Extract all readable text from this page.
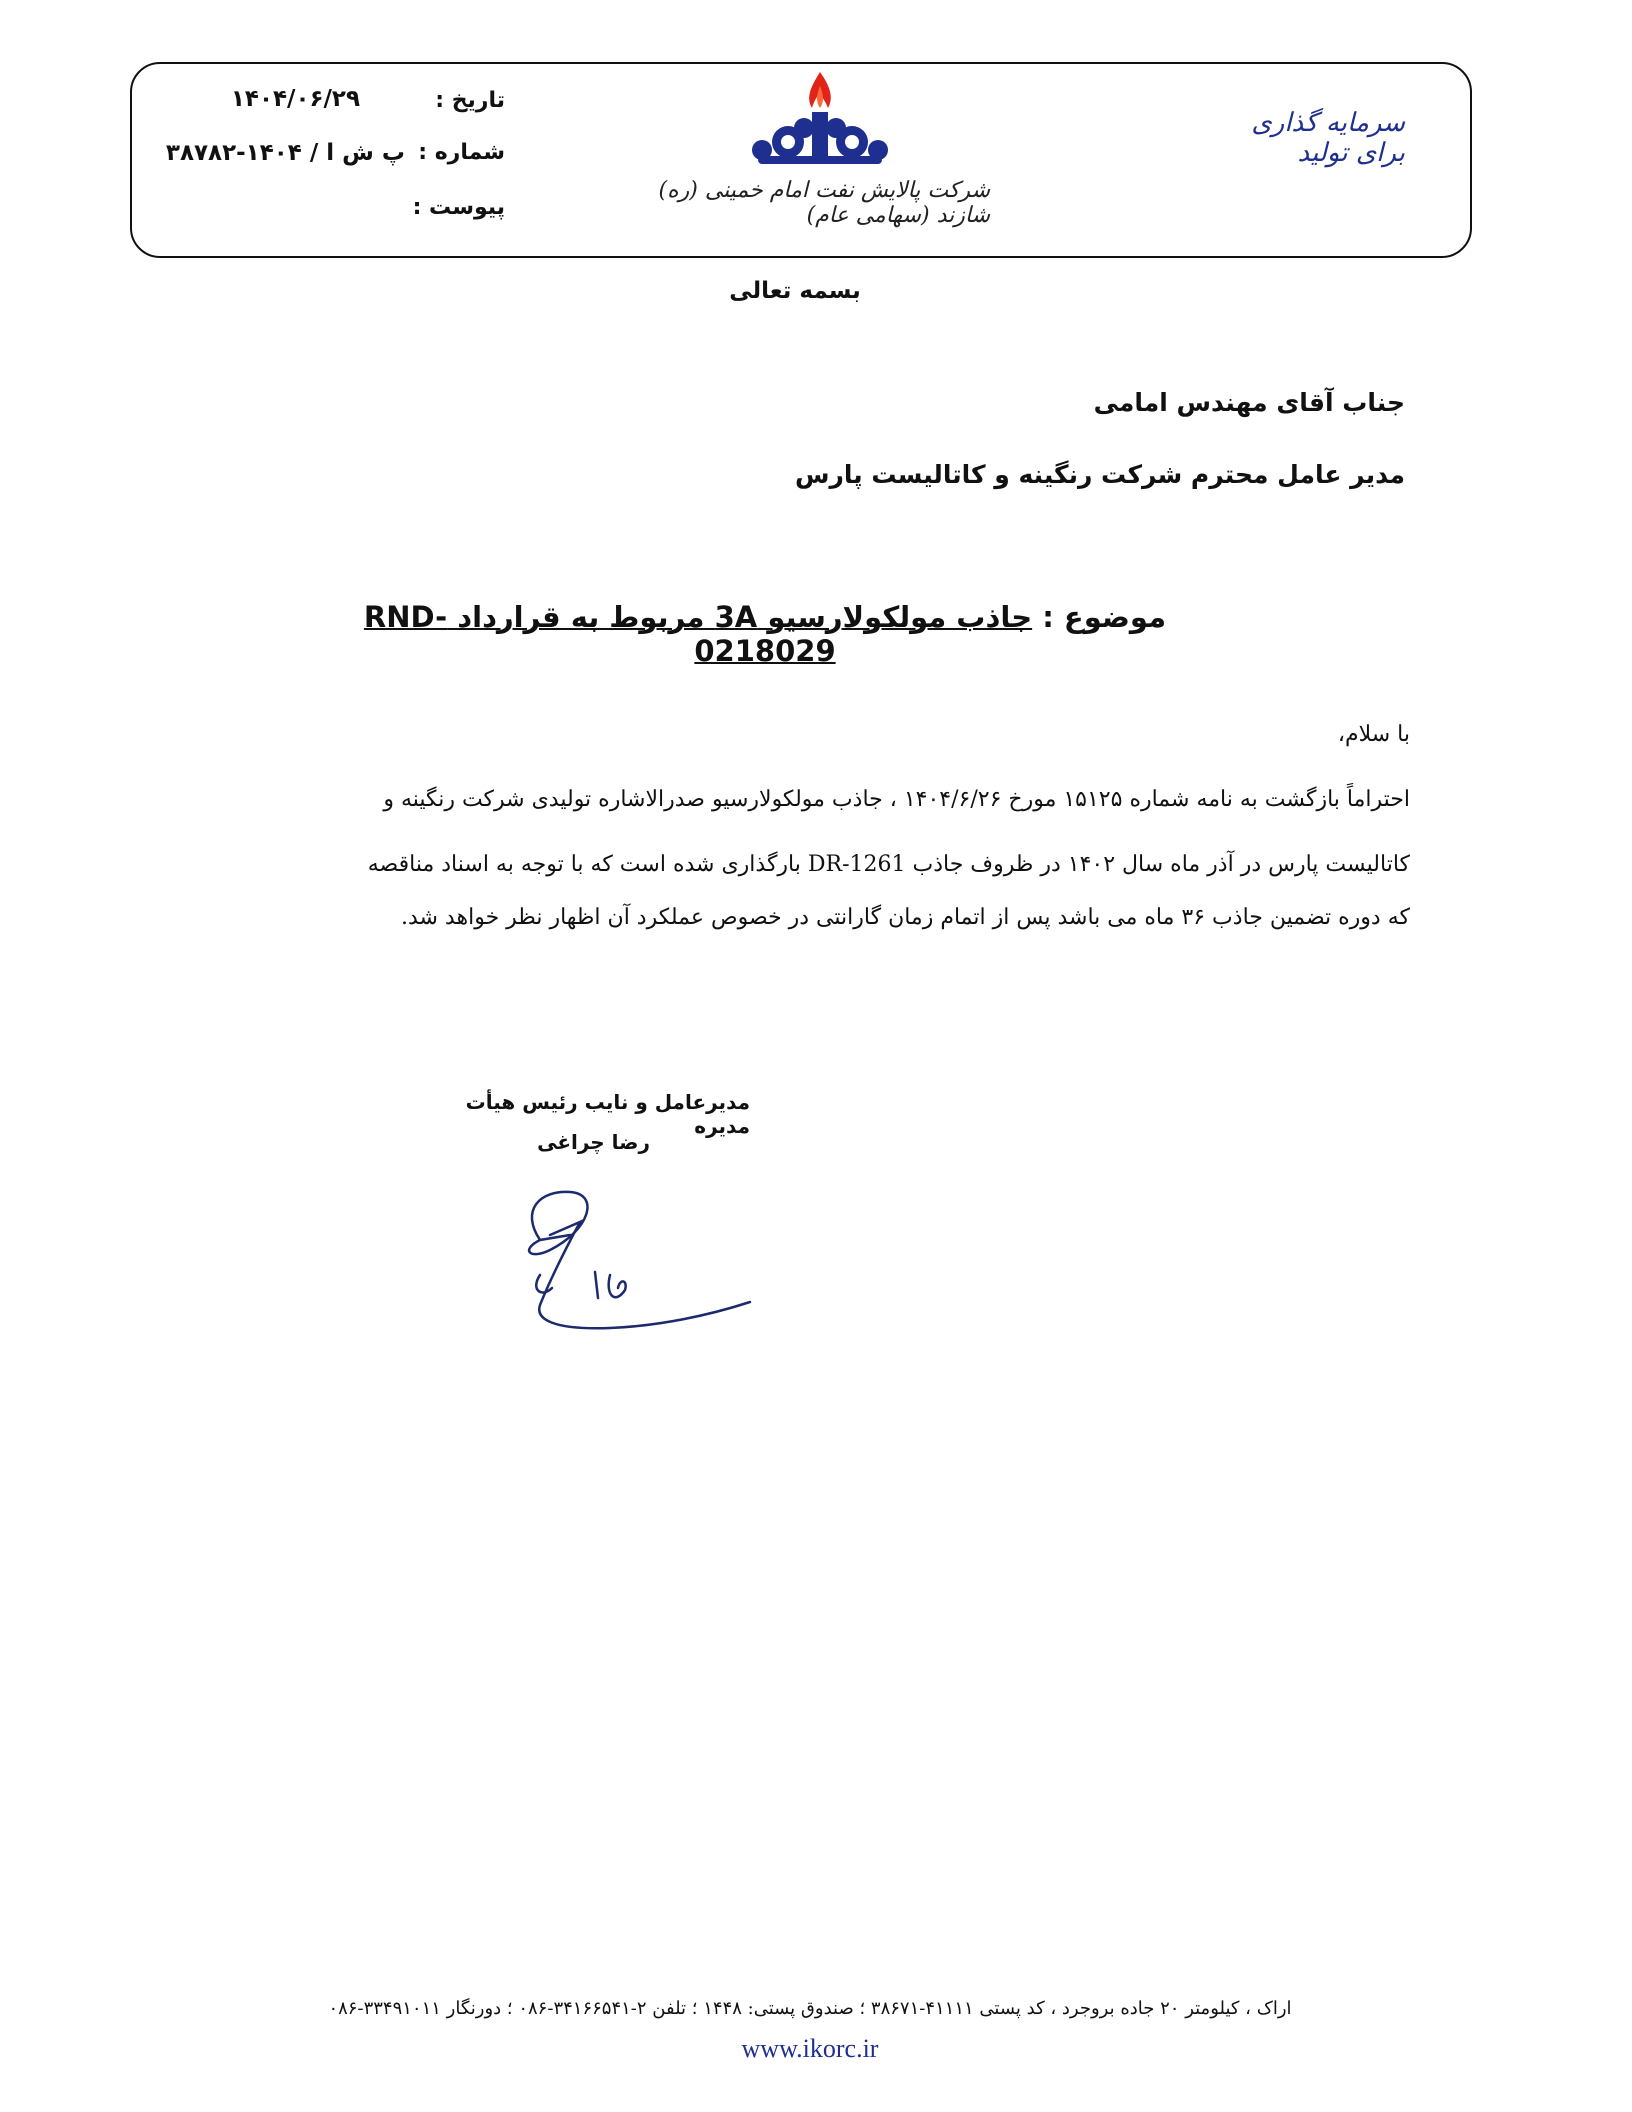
سرمایه گذاری برای تولید
شرکت پالایش نفت امام خمینی (ره) شازند (سهامی عام)
تاریخ :
۱۴۰۴/۰۶/۲۹
شماره :
پ ش ا / ۱۴۰۴-۳۸۷۸۲
پیوست :
بسمه تعالی
جناب آقای مهندس امامی
مدیر عامل محترم شرکت رنگینه و کاتالیست پارس
موضوع : جاذب مولکولارسیو 3A مربوط به قرارداد RND-0218029
با سلام،
احتراماً بازگشت به نامه شماره ۱۵۱۲۵ مورخ ۱۴۰۴/۶/۲۶ ، جاذب مولکولارسیو صدرالاشاره تولیدی شرکت رنگینه و
کاتالیست پارس در آذر ماه سال ۱۴۰۲ در ظروف جاذب DR-1261 بارگذاری شده است که با توجه به اسناد مناقصه
که دوره تضمین جاذب ۳۶ ماه می باشد پس از اتمام زمان گارانتی در خصوص عملکرد آن اظهار نظر خواهد شد.
مدیرعامل و نایب رئیس هیأت مدیره
رضا چراغی
اراک ، کیلومتر ۲۰ جاده بروجرد ، کد پستی ۴۱۱۱۱-۳۸۶۷۱ ؛ صندوق پستی: ۱۴۴۸ ؛ تلفن ۲-۳۴۱۶۶۵۴۱-۰۸۶ ؛ دورنگار ۳۳۴۹۱۰۱۱-۰۸۶
www.ikorc.ir
